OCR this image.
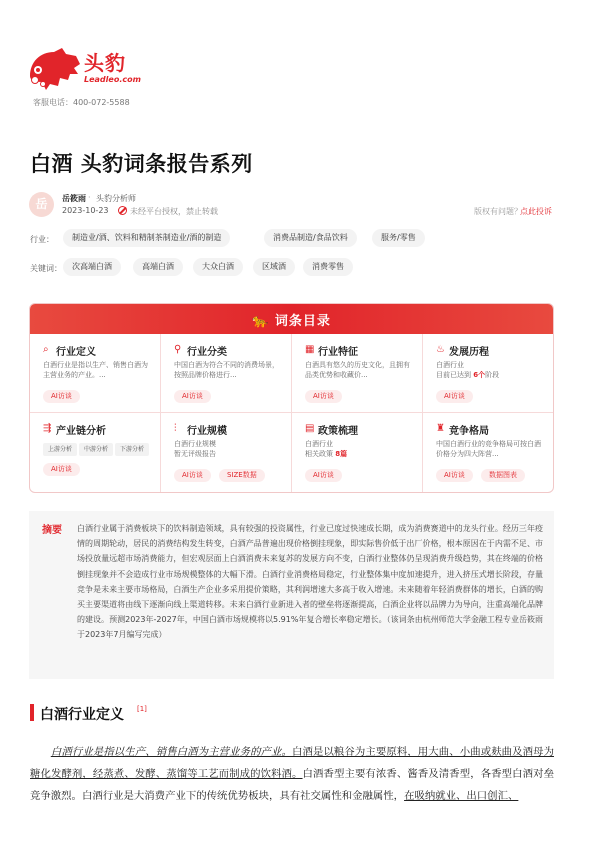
头豹
Leadleo.com
客服电话：400-072-5588
白酒 头豹词条报告系列
岳	岳筱雨 · 头豹分析师
2023-10-23	未经平台授权，禁止转载	版权有问题？
点此投诉
行业：	制造业/酒、饮料和精制茶制造业/酒的制造	消费品制造/食品饮料	服务/零售
关键词：	次高端白酒	高端白酒	大众白酒	区域酒	消费零售
🐆 词条目录
⌕ 行业定义
白酒行业是指以生产、销售白酒为主营业务的产业。...
AI访谈
⚲ 行业分类
中国白酒为符合不同的消费场景，按照品牌价格进行...
AI访谈
▦ 行业特征
白酒具有悠久的历史文化，且拥有品类优势和收藏价...
AI访谈
♨ 发展历程
白酒行业
目前已达到 6个阶段
AI访谈
⇶ 产业链分析
上游分析	中游分析	下游分析
AI访谈
⫶ 行业规模
白酒行业规模
暂无评级报告
AI访谈	SIZE数据
▤ 政策梳理
白酒行业
相关政策 8篇
AI访谈
♜ 竞争格局
中国白酒行业的竞争格局可按白酒价格分为四大阵营...
AI访谈	数据图表
摘要 白酒行业属于消费板块下的饮料制造领域，具有较强的投资属性，行业已度过快速成长期，成为消费赛道中的龙头行业。经历三年疫情的周期轮动，居民的消费结构发生转变，白酒产品普遍出现价格倒挂现象，即实际售价低于出厂价格，根本原因在于内需不足、市场投放量远超市场消费能力，但宏观层面上白酒消费未来复苏的发展方向不变，白酒行业整体仍呈现消费升级趋势，其在终端的价格倒挂现象并不会造成行业市场规模整体的大幅下滑。白酒行业消费格局稳定，行业整体集中度加速提升，进入挤压式增长阶段，存量竞争是未来主要市场格局，白酒生产企业多采用提价策略，其利润增速大多高于收入增速。未来随着年轻消费群体的增长，白酒的购买主要渠道将由线下逐渐向线上渠道转移。未来白酒行业新进入者的壁垒将逐渐提高，白酒企业将以品牌力为导向，注重高端化品牌的建设。预测2023年-2027年，中国白酒市场规模将以5.91%年复合增长率稳定增长。（该词条由杭州师范大学金融工程专业岳筱雨于2023年7月编写完成）
白酒行业定义 [1]
  白酒行业是指以生产、销售白酒为主营业务的产业。白酒是以粮谷为主要原料，用大曲、小曲或麸曲及酒母为糖化发酵剂，经蒸煮、发酵、蒸馏等工艺而制成的饮料酒。白酒香型主要有浓香、酱香及清香型，各香型白酒对垒竞争激烈。白酒行业是大消费产业下的传统优势板块，具有社交属性和金融属性，在吸纳就业、出口创汇、
